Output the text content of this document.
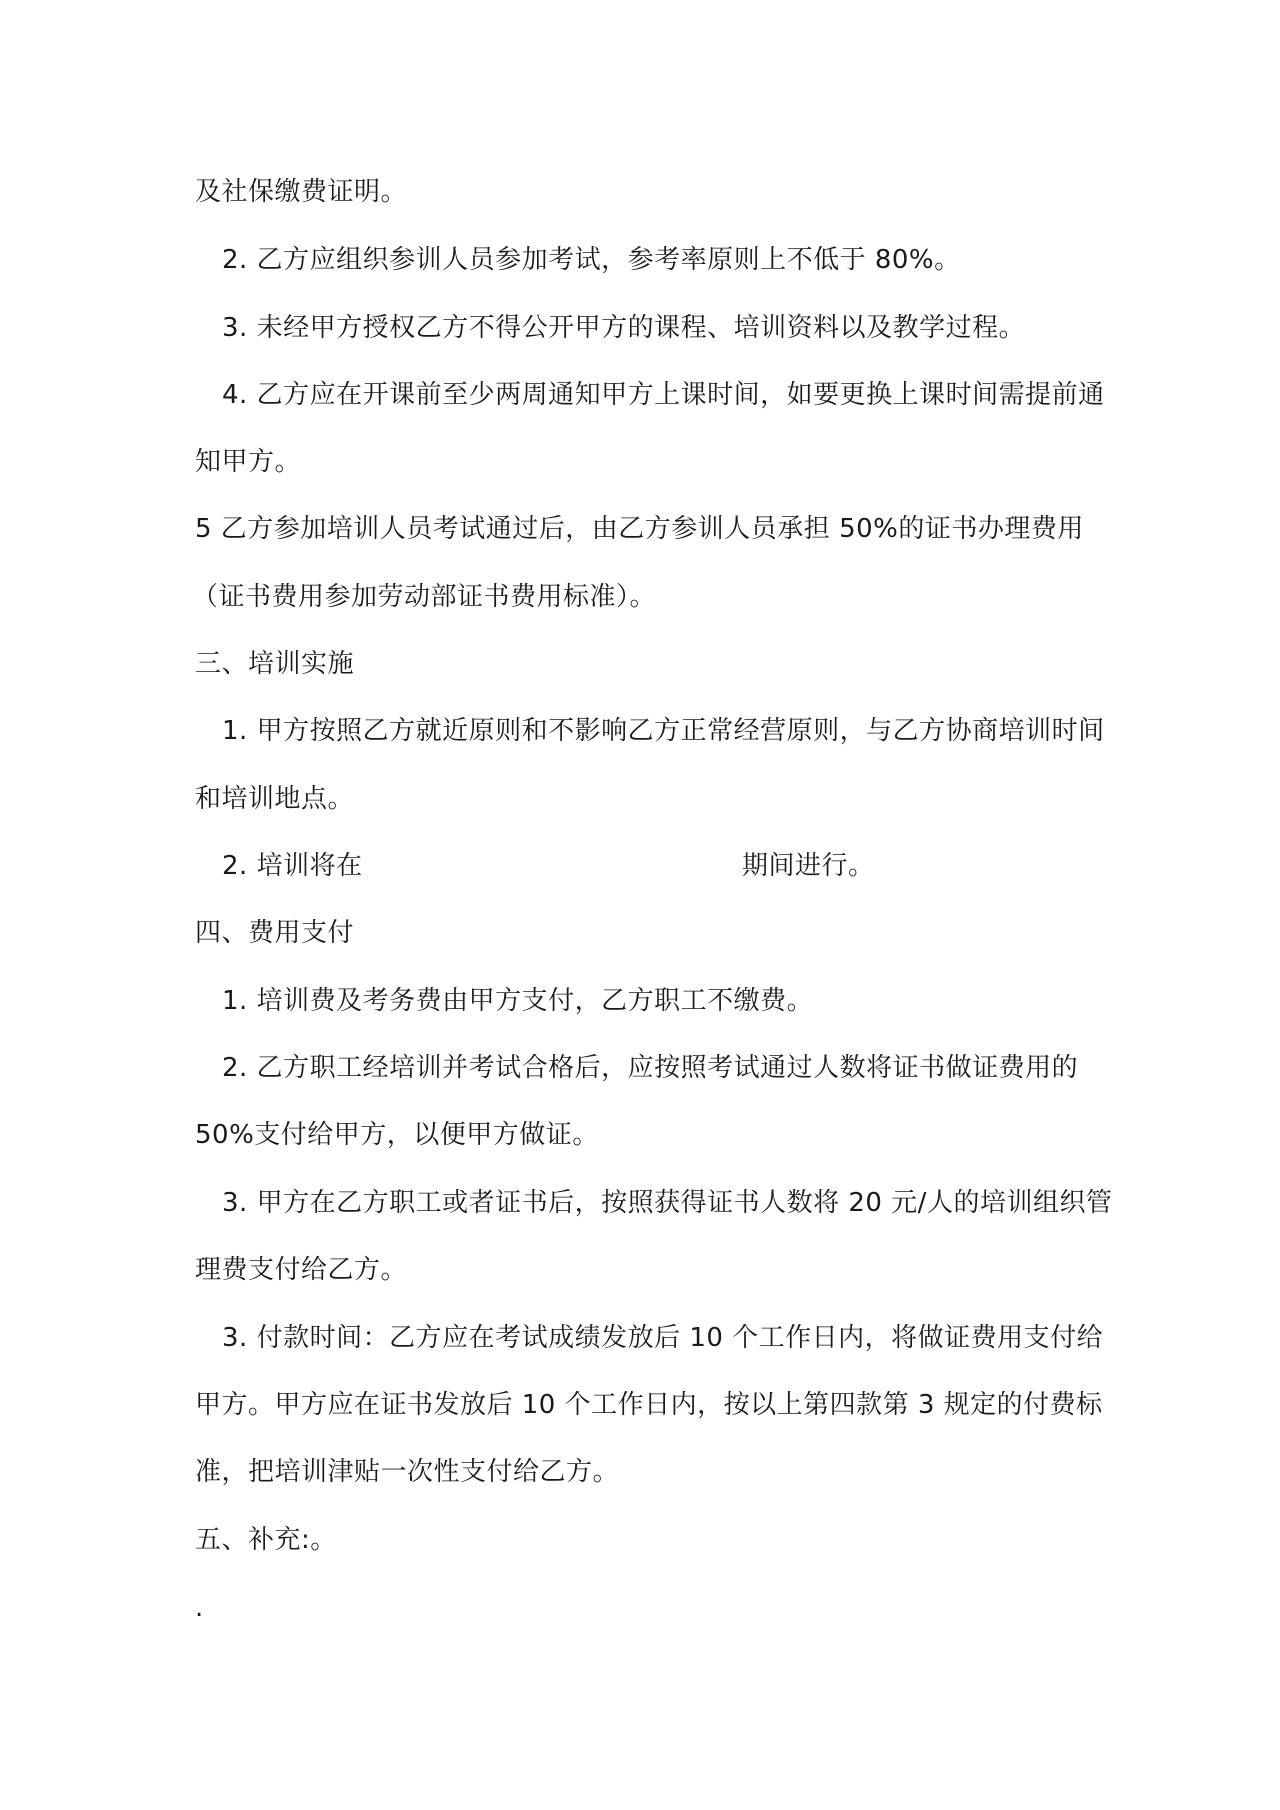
及社保缴费证明。
2. 乙方应组织参训人员参加考试，参考率原则上不低于 80%。
3. 未经甲方授权乙方不得公开甲方的课程、培训资料以及教学过程。
4. 乙方应在开课前至少两周通知甲方上课时间，如要更换上课时间需提前通
知甲方。
5 乙方参加培训人员考试通过后，由乙方参训人员承担 50%的证书办理费用
（证书费用参加劳动部证书费用标准）。
三、培训实施
1. 甲方按照乙方就近原则和不影响乙方正常经营原则，与乙方协商培训时间
和培训地点。
2. 培训将在	期间进行。
四、费用支付
1. 培训费及考务费由甲方支付，乙方职工不缴费。
2. 乙方职工经培训并考试合格后，应按照考试通过人数将证书做证费用的
50%支付给甲方，以便甲方做证。
3. 甲方在乙方职工或者证书后，按照获得证书人数将 20 元/人的培训组织管
理费支付给乙方。
3. 付款时间：乙方应在考试成绩发放后 10 个工作日内，将做证费用支付给
甲方。甲方应在证书发放后 10 个工作日内，按以上第四款第 3 规定的付费标
准，把培训津贴一次性支付给乙方。
五、补充:。
.
